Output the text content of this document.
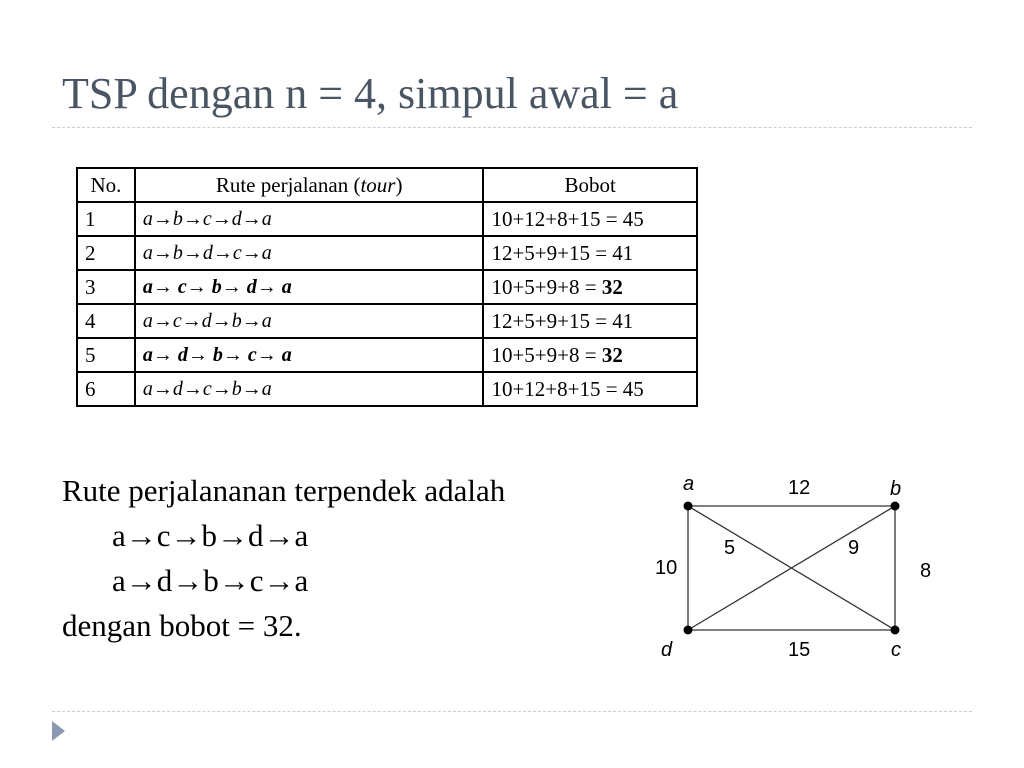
TSP dengan n = 4, simpul awal = a
No.	Rute perjalanan (tour)	Bobot
1	a→b→c→d→a	10+12+8+15 = 45
2	a→b→d→c→a	12+5+9+15 = 41
3	a→ c→ b→ d→ a	10+5+9+8 = 32
4	a→c→d→b→a	12+5+9+15 = 41
5	a→ d→ b→ c→ a	10+5+9+8 = 32
6	a→d→c→b→a	10+12+8+15 = 45
Rute perjalananan terpendek adalah
a→c→b→d→a
a→d→b→c→a
dengan bobot = 32.
a	b
c
d
12
8
15
10
5	9
